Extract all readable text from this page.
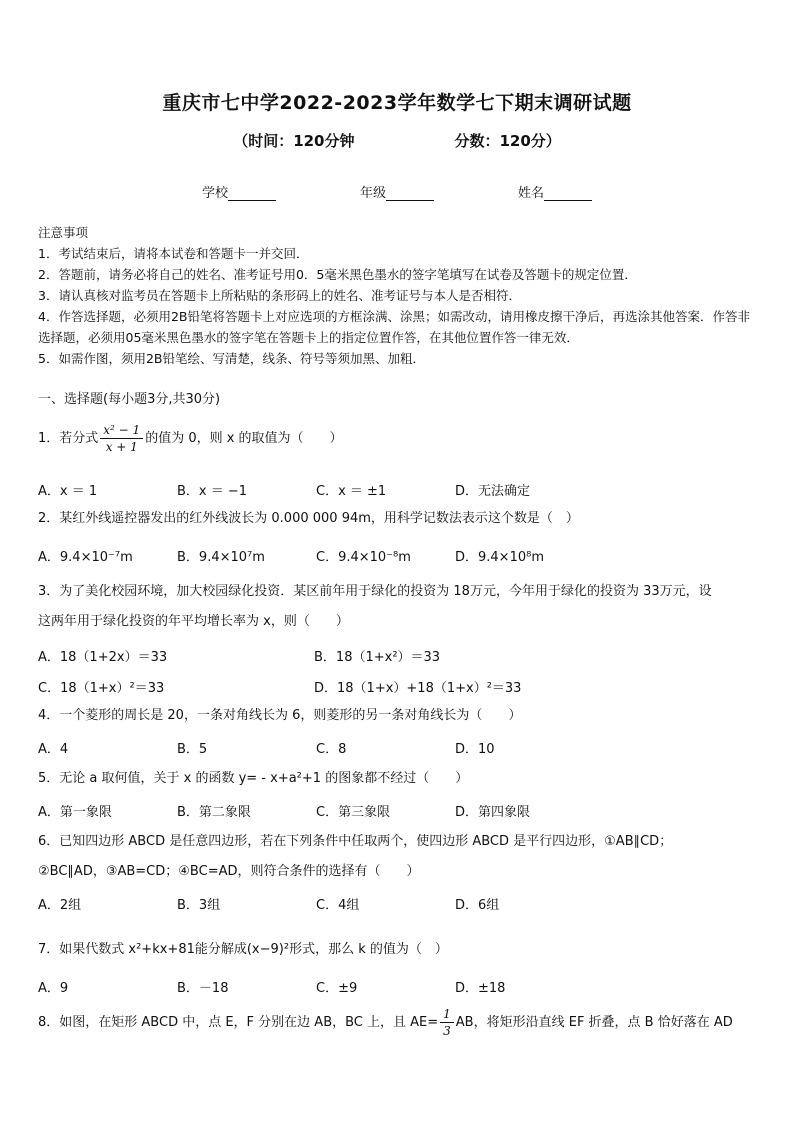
重庆市七中学2022-2023学年数学七下期末调研试题
（时间：120分钟	分数：120分）
学校	年级	姓名
注意事项
1．考试结束后，请将本试卷和答题卡一并交回．
2．答题前，请务必将自己的姓名、准考证号用0．5毫米黑色墨水的签字笔填写在试卷及答题卡的规定位置．
3．请认真核对监考员在答题卡上所粘贴的条形码上的姓名、准考证号与本人是否相符．
4．作答选择题，必须用2B铅笔将答题卡上对应选项的方框涂满、涂黑；如需改动，请用橡皮擦干净后，再选涂其他答案．作答非选择题，必须用05毫米黑色墨水的签字笔在答题卡上的指定位置作答，在其他位置作答一律无效．
5．如需作图，须用2B铅笔绘、写清楚，线条、符号等须加黑、加粗．
一、选择题(每小题3分,共30分)
1．若分式 $\frac{\text{x² − 1}}{x + 1}$ 的值为 0，则 x 的取值为（　　）
A．x ＝ 1	B．x ＝ −1	C．x ＝ ±1	D．无法确定
2．某红外线遥控器发出的红外线波长为 0.000 000 94m，用科学记数法表示这个数是（　）
A．9.4×10⁻⁷m	B．9.4×10⁷m	C．9.4×10⁻⁸m	D．9.4×10⁸m
3．为了美化校园环境，加大校园绿化投资．某区前年用于绿化的投资为 18万元，今年用于绿化的投资为 33万元，设
这两年用于绿化投资的年平均增长率为 x，则（　　）
A．18（1+2x）＝33	B．18（1+x²）＝33
C．18（1+x）²＝33	D．18（1+x）+18（1+x）²＝33
4．一个菱形的周长是 20，一条对角线长为 6，则菱形的另一条对角线长为（　　）
A．4	B．5	C．8	D．10
5．无论 a 取何值，关于 x 的函数 y= - x+a²+1 的图象都不经过（　　）
A．第一象限	B．第二象限	C．第三象限	D．第四象限
6．已知四边形 ABCD 是任意四边形，若在下列条件中任取两个，使四边形 ABCD 是平行四边形，①AB∥CD；
②BC∥AD，③AB=CD；④BC=AD，则符合条件的选择有（　　）
A．2组	B．3组	C．4组	D．6组
7．如果代数式 x²+kx+81能分解成(x−9)²形式，那么 k 的值为（　）
A．9	B．－18	C．±9	D．±18
8．如图，在矩形 ABCD 中，点 E，F 分别在边 AB，BC 上，且 $AE= \frac{1}{3}$ AB，将矩形沿直线 EF 折叠，点 B 恰好落在 AD
